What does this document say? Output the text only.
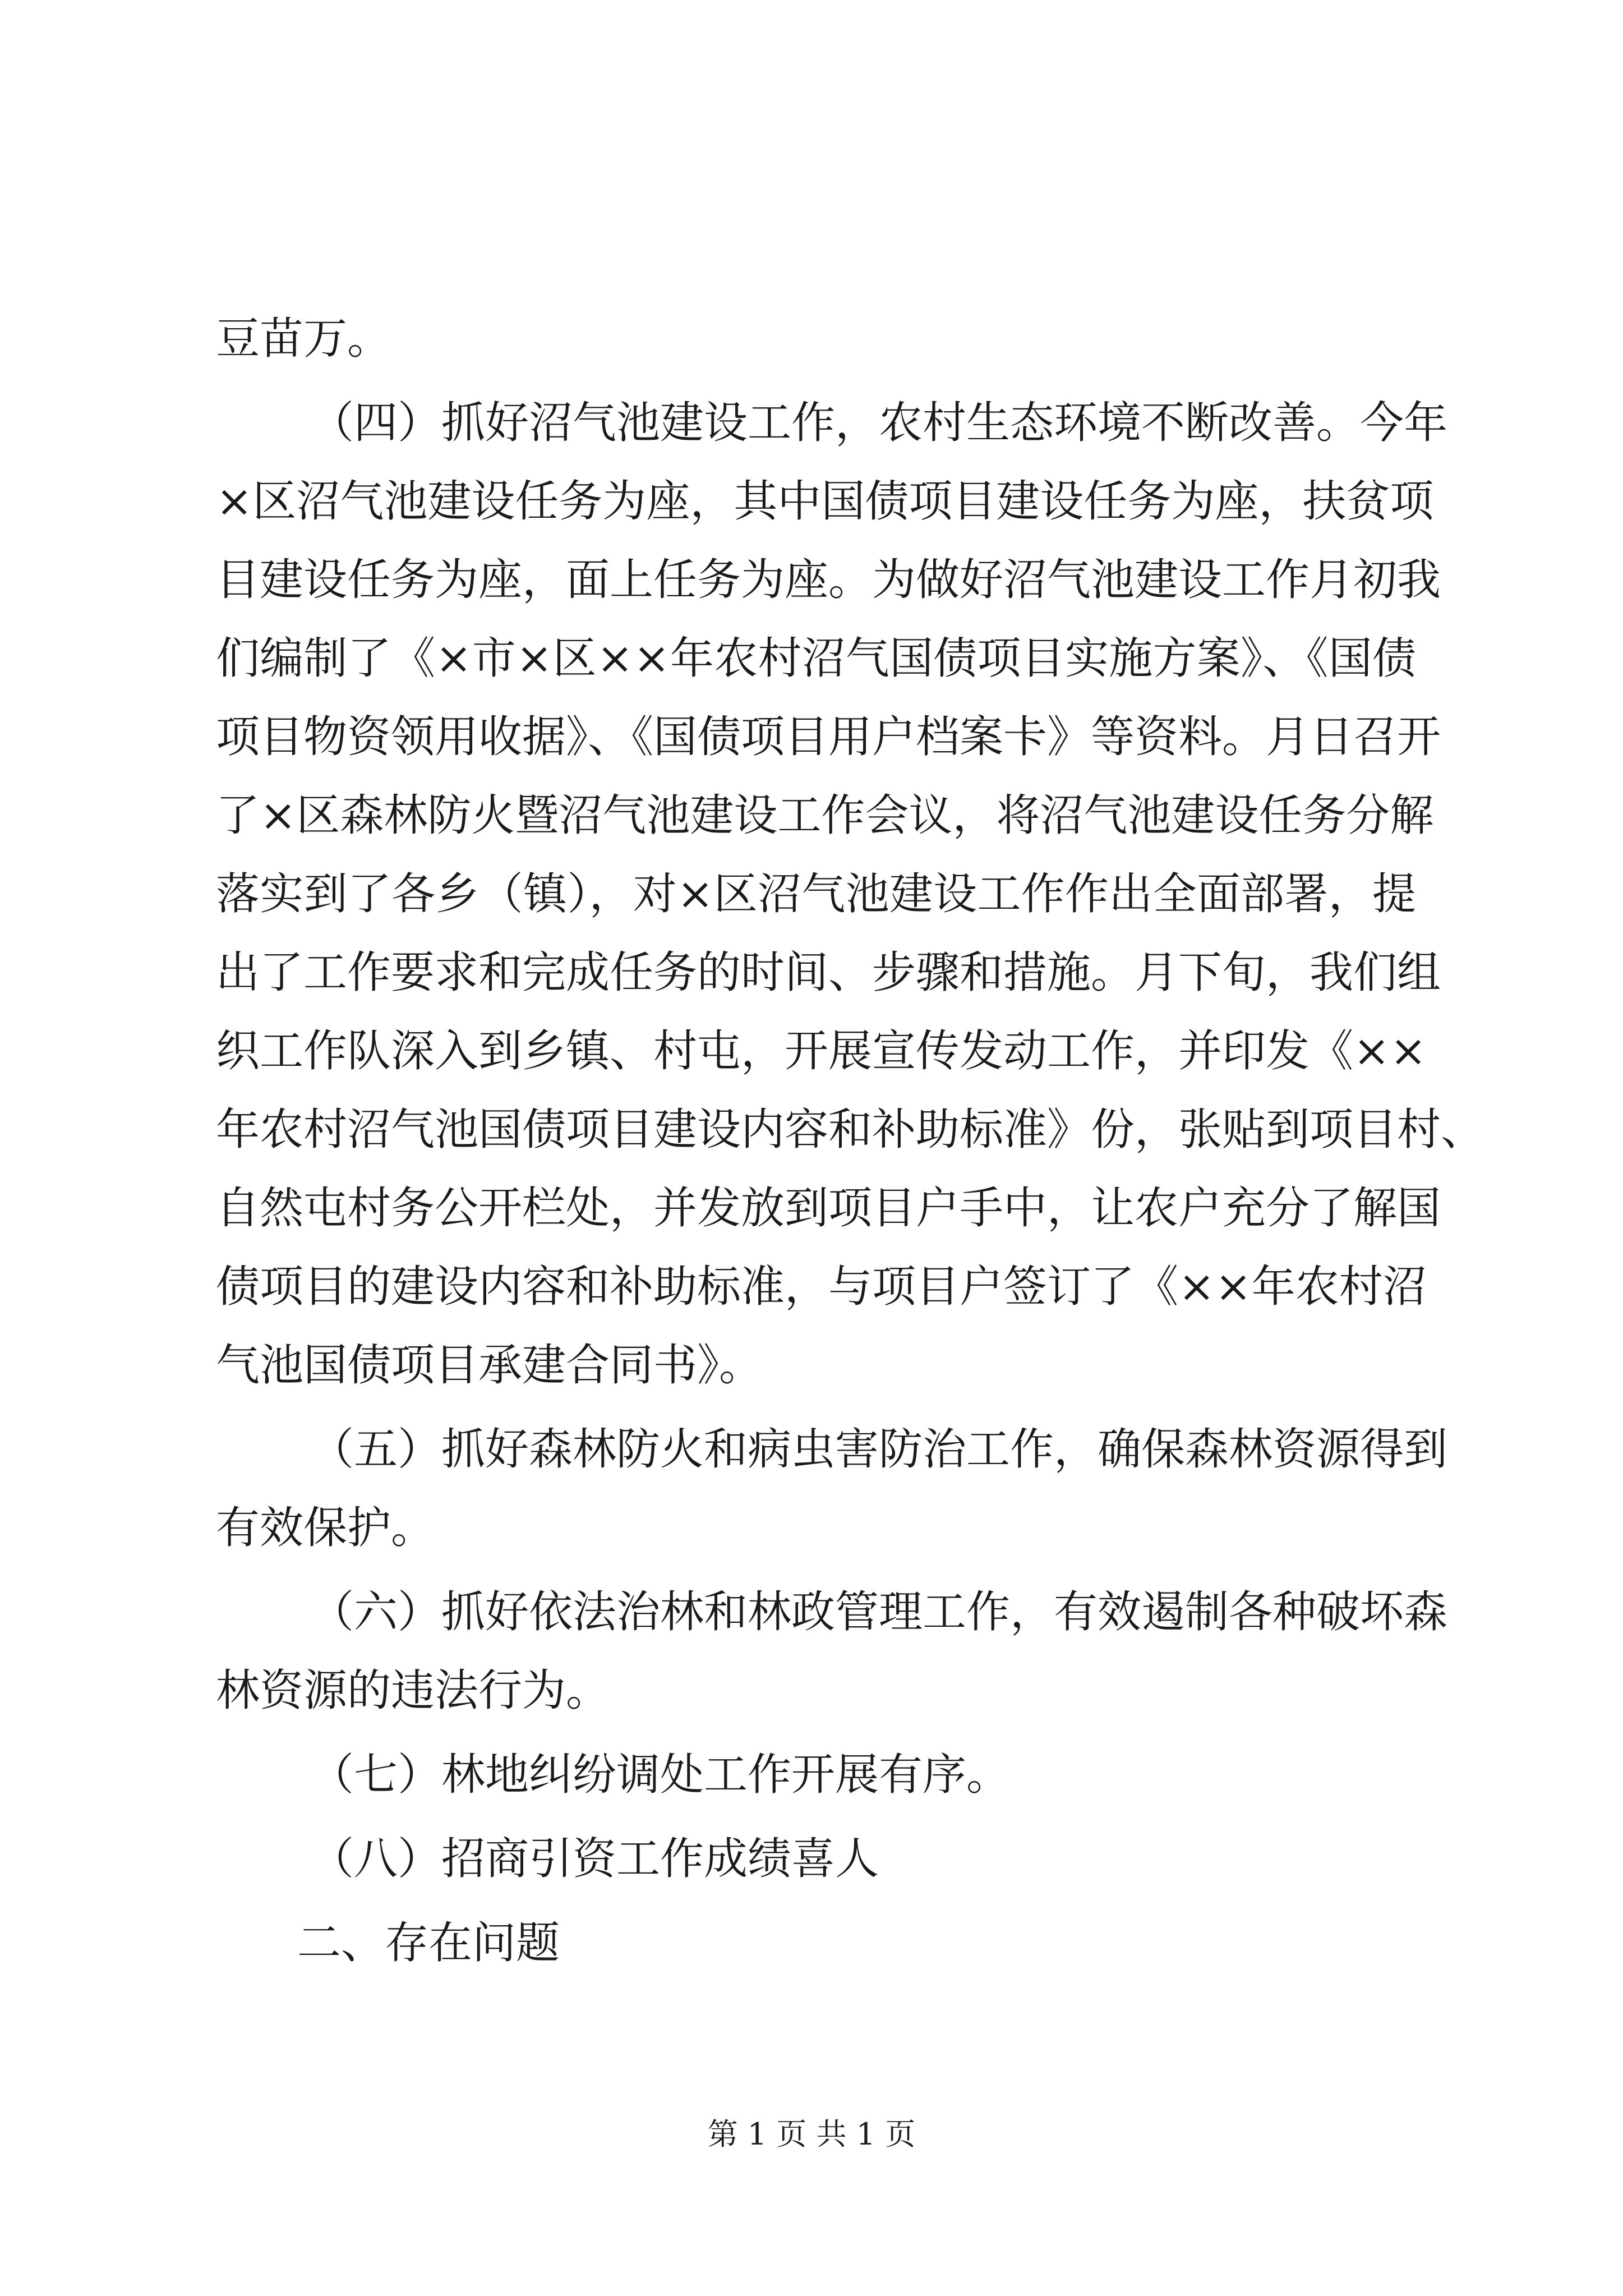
豆苗万。
（四）抓好沼气池建设工作，农村生态环境不断改善。今年
×区沼气池建设任务为座，其中国债项目建设任务为座，扶贫项
目建设任务为座，面上任务为座。为做好沼气池建设工作月初我
们编制了《×市×区××年农村沼气国债项目实施方案》、《国债
项目物资领用收据》、《国债项目用户档案卡》等资料。月日召开
了×区森林防火暨沼气池建设工作会议，将沼气池建设任务分解
落实到了各乡（镇），对×区沼气池建设工作作出全面部署，提
出了工作要求和完成任务的时间、步骤和措施。月下旬，我们组
织工作队深入到乡镇、村屯，开展宣传发动工作，并印发《××
年农村沼气池国债项目建设内容和补助标准》份，张贴到项目村、
自然屯村务公开栏处，并发放到项目户手中，让农户充分了解国
债项目的建设内容和补助标准，与项目户签订了《××年农村沼
气池国债项目承建合同书》。
（五）抓好森林防火和病虫害防治工作，确保森林资源得到
有效保护。
（六）抓好依法治林和林政管理工作，有效遏制各种破坏森
林资源的违法行为。
（七）林地纠纷调处工作开展有序。
（八）招商引资工作成绩喜人
二、存在问题
第 1 页 共 1 页
